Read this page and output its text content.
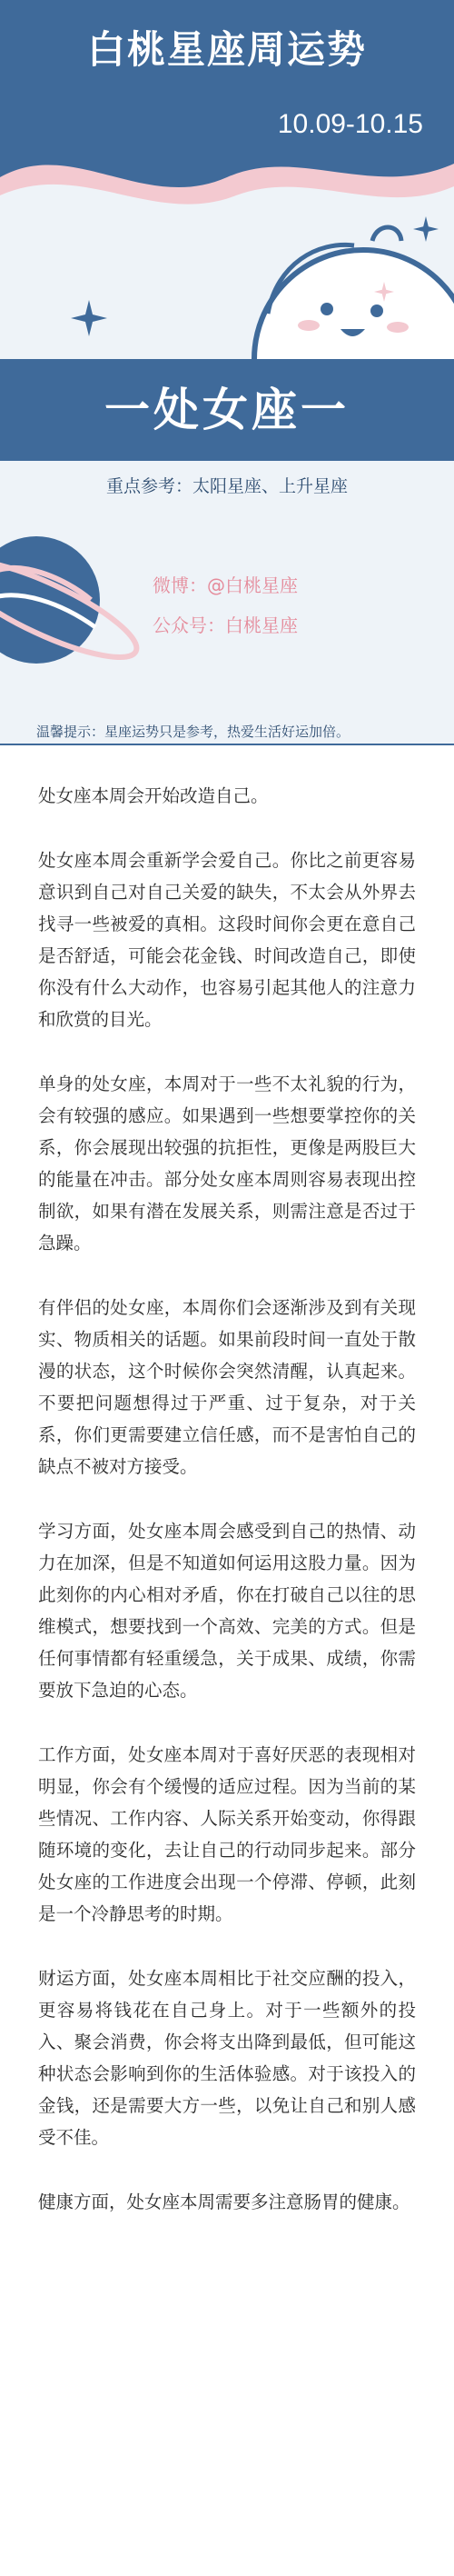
白桃星座周运势
10.09-10.15
一处女座一
重点参考：太阳星座、上升星座
微博：@白桃星座
公众号：白桃星座
温馨提示：星座运势只是参考，热爱生活好运加倍。

处女座本周会开始改造自己。

处女座本周会重新学会爱自己。你比之前更容易意识到自己对自己关爱的缺失，不太会从外界去找寻一些被爱的真相。这段时间你会更在意自己是否舒适，可能会花金钱、时间改造自己，即使你没有什么大动作，也容易引起其他人的注意力和欣赏的目光。

单身的处女座，本周对于一些不太礼貌的行为，会有较强的感应。如果遇到一些想要掌控你的关系，你会展现出较强的抗拒性，更像是两股巨大的能量在冲击。部分处女座本周则容易表现出控制欲，如果有潜在发展关系，则需注意是否过于急躁。

有伴侣的处女座，本周你们会逐渐涉及到有关现实、物质相关的话题。如果前段时间一直处于散漫的状态，这个时候你会突然清醒，认真起来。不要把问题想得过于严重、过于复杂，对于关系，你们更需要建立信任感，而不是害怕自己的缺点不被对方接受。

学习方面，处女座本周会感受到自己的热情、动力在加深，但是不知道如何运用这股力量。因为此刻你的内心相对矛盾，你在打破自己以往的思维模式，想要找到一个高效、完美的方式。但是任何事情都有轻重缓急，关于成果、成绩，你需要放下急迫的心态。

工作方面，处女座本周对于喜好厌恶的表现相对明显，你会有个缓慢的适应过程。因为当前的某些情况、工作内容、人际关系开始变动，你得跟随环境的变化，去让自己的行动同步起来。部分处女座的工作进度会出现一个停滞、停顿，此刻是一个冷静思考的时期。

财运方面，处女座本周相比于社交应酬的投入，更容易将钱花在自己身上。对于一些额外的投入、聚会消费，你会将支出降到最低，但可能这种状态会影响到你的生活体验感。对于该投入的金钱，还是需要大方一些，以免让自己和别人感受不佳。

健康方面，处女座本周需要多注意肠胃的健康。
